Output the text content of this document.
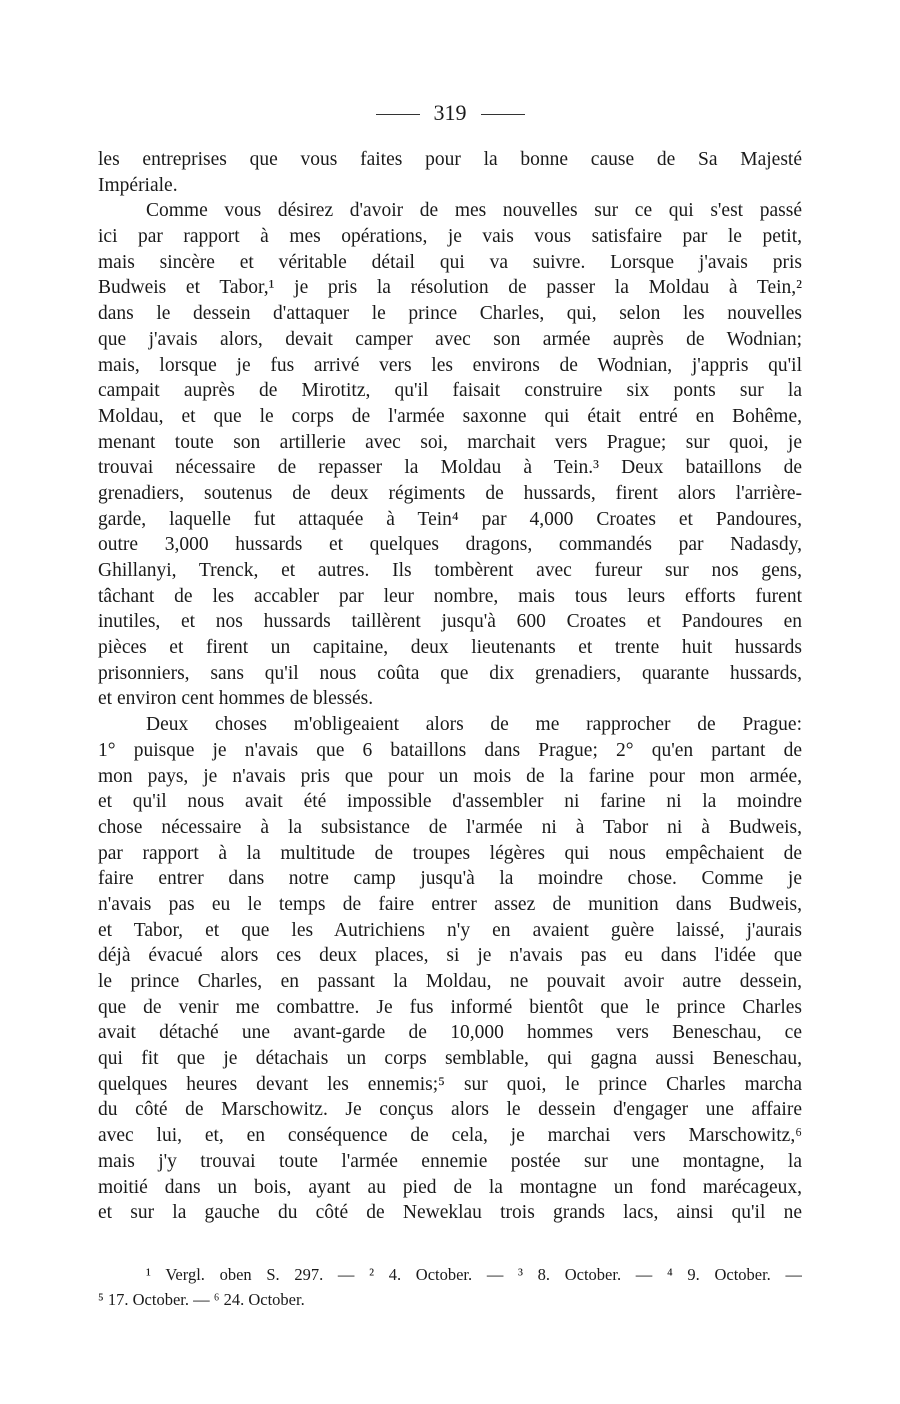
319
les entreprises que vous faites pour la bonne cause de Sa Majesté
Impériale.
Comme vous désirez d'avoir de mes nouvelles sur ce qui s'est passé
ici par rapport à mes opérations, je vais vous satisfaire par le petit,
mais sincère et véritable détail qui va suivre. Lorsque j'avais pris
Budweis et Tabor,¹ je pris la résolution de passer la Moldau à Tein,²
dans le dessein d'attaquer le prince Charles, qui, selon les nouvelles
que j'avais alors, devait camper avec son armée auprès de Wodnian;
mais, lorsque je fus arrivé vers les environs de Wodnian, j'appris qu'il
campait auprès de Mirotitz, qu'il faisait construire six ponts sur la
Moldau, et que le corps de l'armée saxonne qui était entré en Bohême,
menant toute son artillerie avec soi, marchait vers Prague; sur quoi, je
trouvai nécessaire de repasser la Moldau à Tein.³ Deux bataillons de
grenadiers, soutenus de deux régiments de hussards, firent alors l'arrière-
garde, laquelle fut attaquée à Tein⁴ par 4,000 Croates et Pandoures,
outre 3,000 hussards et quelques dragons, commandés par Nadasdy,
Ghillanyi, Trenck, et autres. Ils tombèrent avec fureur sur nos gens,
tâchant de les accabler par leur nombre, mais tous leurs efforts furent
inutiles, et nos hussards taillèrent jusqu'à 600 Croates et Pandoures en
pièces et firent un capitaine, deux lieutenants et trente huit hussards
prisonniers, sans qu'il nous coûta que dix grenadiers, quarante hussards,
et environ cent hommes de blessés.
Deux choses m'obligeaient alors de me rapprocher de Prague:
1° puisque je n'avais que 6 bataillons dans Prague; 2° qu'en partant de
mon pays, je n'avais pris que pour un mois de la farine pour mon armée,
et qu'il nous avait été impossible d'assembler ni farine ni la moindre
chose nécessaire à la subsistance de l'armée ni à Tabor ni à Budweis,
par rapport à la multitude de troupes légères qui nous empêchaient de
faire entrer dans notre camp jusqu'à la moindre chose. Comme je
n'avais pas eu le temps de faire entrer assez de munition dans Budweis,
et Tabor, et que les Autrichiens n'y en avaient guère laissé, j'aurais
déjà évacué alors ces deux places, si je n'avais pas eu dans l'idée que
le prince Charles, en passant la Moldau, ne pouvait avoir autre dessein,
que de venir me combattre. Je fus informé bientôt que le prince Charles
avait détaché une avant-garde de 10,000 hommes vers Beneschau, ce
qui fit que je détachais un corps semblable, qui gagna aussi Beneschau,
quelques heures devant les ennemis;⁵ sur quoi, le prince Charles marcha
du côté de Marschowitz. Je conçus alors le dessein d'engager une affaire
avec lui, et, en conséquence de cela, je marchai vers Marschowitz,⁶
mais j'y trouvai toute l'armée ennemie postée sur une montagne, la
moitié dans un bois, ayant au pied de la montagne un fond marécageux,
et sur la gauche du côté de Neweklau trois grands lacs, ainsi qu'il ne
¹ Vergl. oben S. 297. — ² 4. October. — ³ 8. October. — ⁴ 9. October. —
⁵ 17. October. — ⁶ 24. October.
